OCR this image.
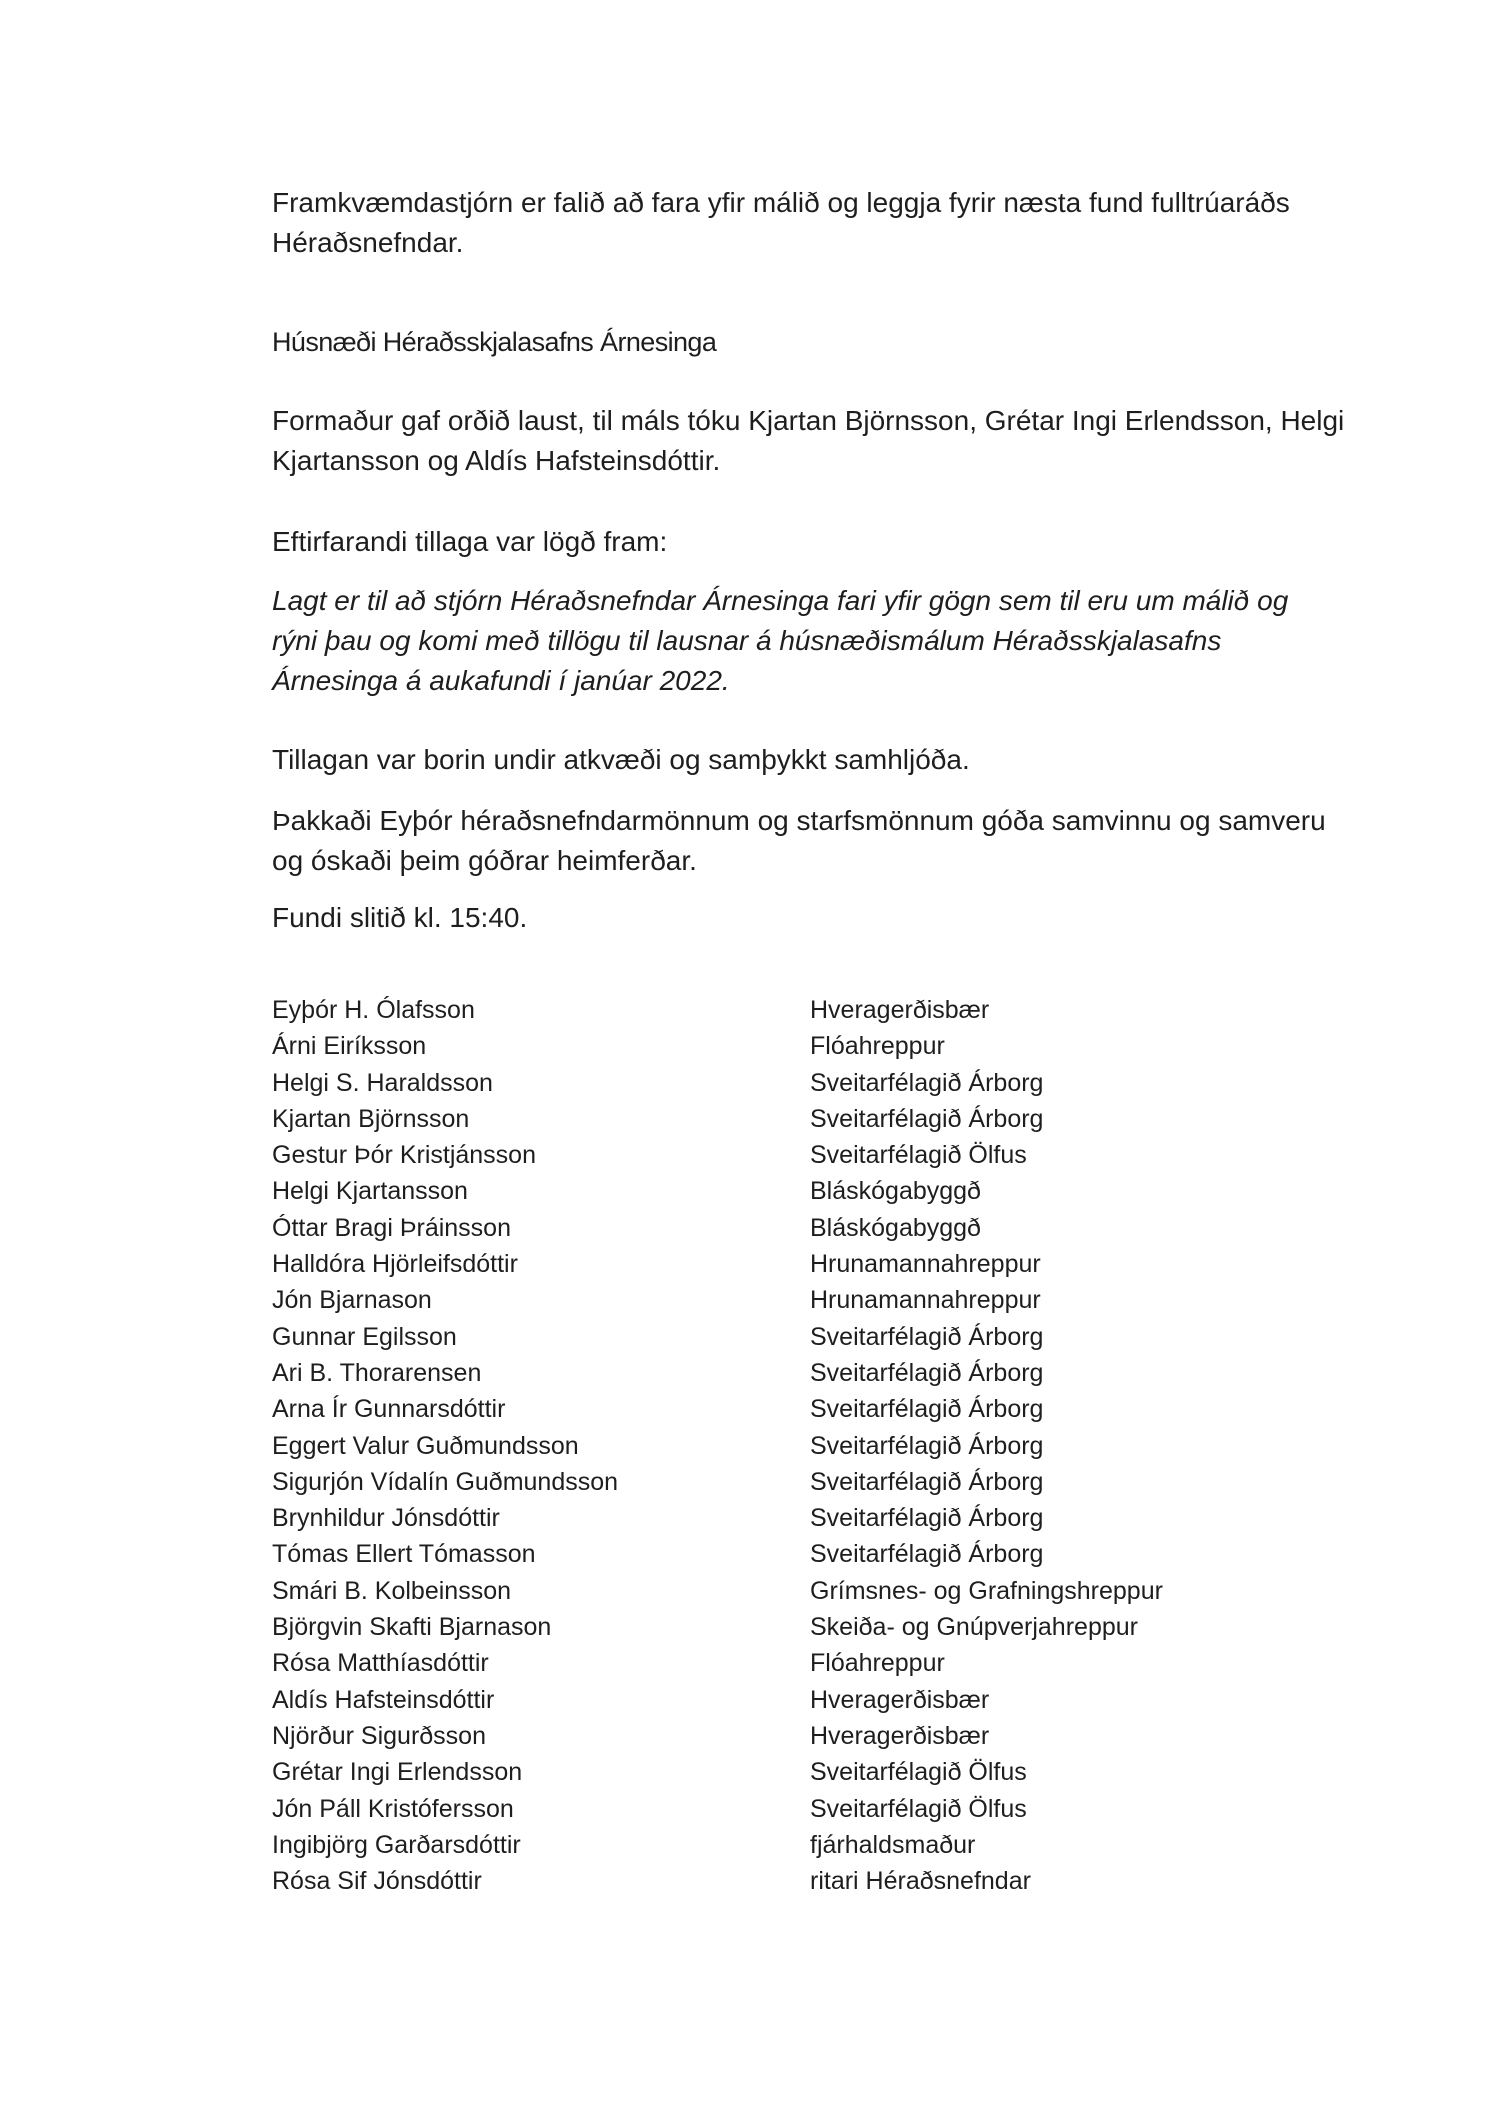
Framkvæmdastjórn er falið að fara yfir málið og leggja fyrir næsta fund fulltrúaráðs
Héraðsnefndar.

Húsnæði Héraðsskjalasafns Árnesinga

Formaður gaf orðið laust, til máls tóku Kjartan Björnsson, Grétar Ingi Erlendsson, Helgi
Kjartansson og Aldís Hafsteinsdóttir.

Eftirfarandi tillaga var lögð fram:

Lagt er til að stjórn Héraðsnefndar Árnesinga fari yfir gögn sem til eru um málið og
rýni þau og komi með tillögu til lausnar á húsnæðismálum Héraðsskjalasafns
Árnesinga á aukafundi í janúar 2022.

Tillagan var borin undir atkvæði og samþykkt samhljóða.

Þakkaði Eyþór héraðsnefndarmönnum og starfsmönnum góða samvinnu og samveru
og óskaði þeim góðrar heimferðar.

Fundi slitið kl. 15:40.

Eyþór H. Ólafsson	Hveragerðisbær
Árni Eiríksson	Flóahreppur
Helgi S. Haraldsson	Sveitarfélagið Árborg
Kjartan Björnsson	Sveitarfélagið Árborg
Gestur Þór Kristjánsson	Sveitarfélagið Ölfus
Helgi Kjartansson	Bláskógabyggð
Óttar Bragi Þráinsson	Bláskógabyggð
Halldóra Hjörleifsdóttir	Hrunamannahreppur
Jón Bjarnason	Hrunamannahreppur
Gunnar Egilsson	Sveitarfélagið Árborg
Ari B. Thorarensen	Sveitarfélagið Árborg
Arna Ír Gunnarsdóttir	Sveitarfélagið Árborg
Eggert Valur Guðmundsson	Sveitarfélagið Árborg
Sigurjón Vídalín Guðmundsson	Sveitarfélagið Árborg
Brynhildur Jónsdóttir	Sveitarfélagið Árborg
Tómas Ellert Tómasson	Sveitarfélagið Árborg
Smári B. Kolbeinsson	Grímsnes- og Grafningshreppur
Björgvin Skafti Bjarnason	Skeiða- og Gnúpverjahreppur
Rósa Matthíasdóttir	Flóahreppur
Aldís Hafsteinsdóttir	Hveragerðisbær
Njörður Sigurðsson	Hveragerðisbær
Grétar Ingi Erlendsson	Sveitarfélagið Ölfus
Jón Páll Kristófersson	Sveitarfélagið Ölfus
Ingibjörg Garðarsdóttir	fjárhaldsmaður
Rósa Sif Jónsdóttir	ritari Héraðsnefndar
